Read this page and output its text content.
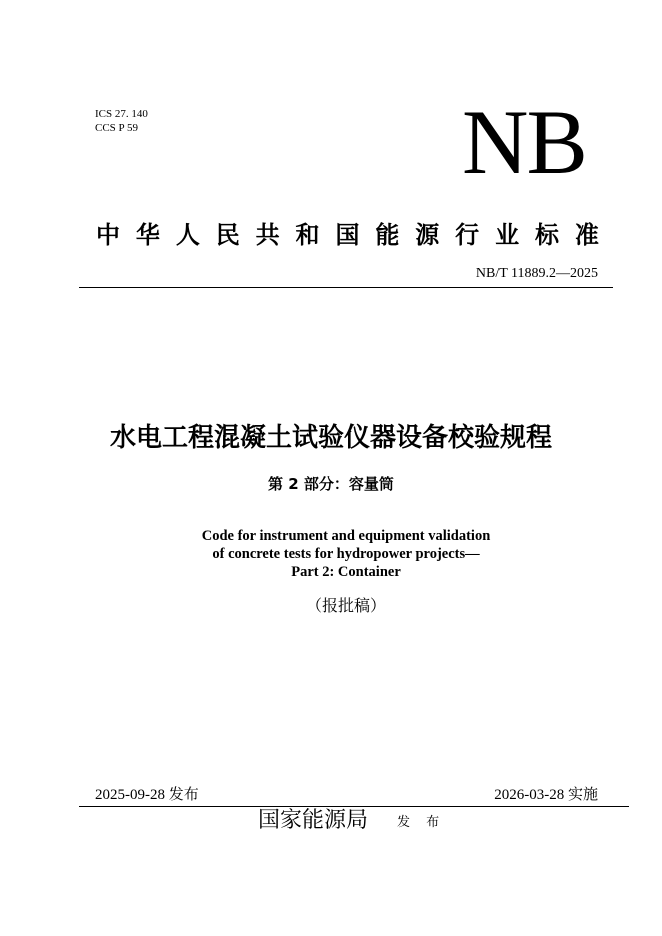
ICS 27. 140
CCS P 59	NB
中 华 人 民 共 和 国 能 源 行 业 标 准
NB/T 11889.2—2025
水电工程混凝土试验仪器设备校验规程
第 2 部分：容量筒
Code for instrument and equipment validation
of concrete tests for hydropower projects—
Part 2: Container
（报批稿）
2025-09-28 发布	2026-03-28 实施
国家能源局 发 布
